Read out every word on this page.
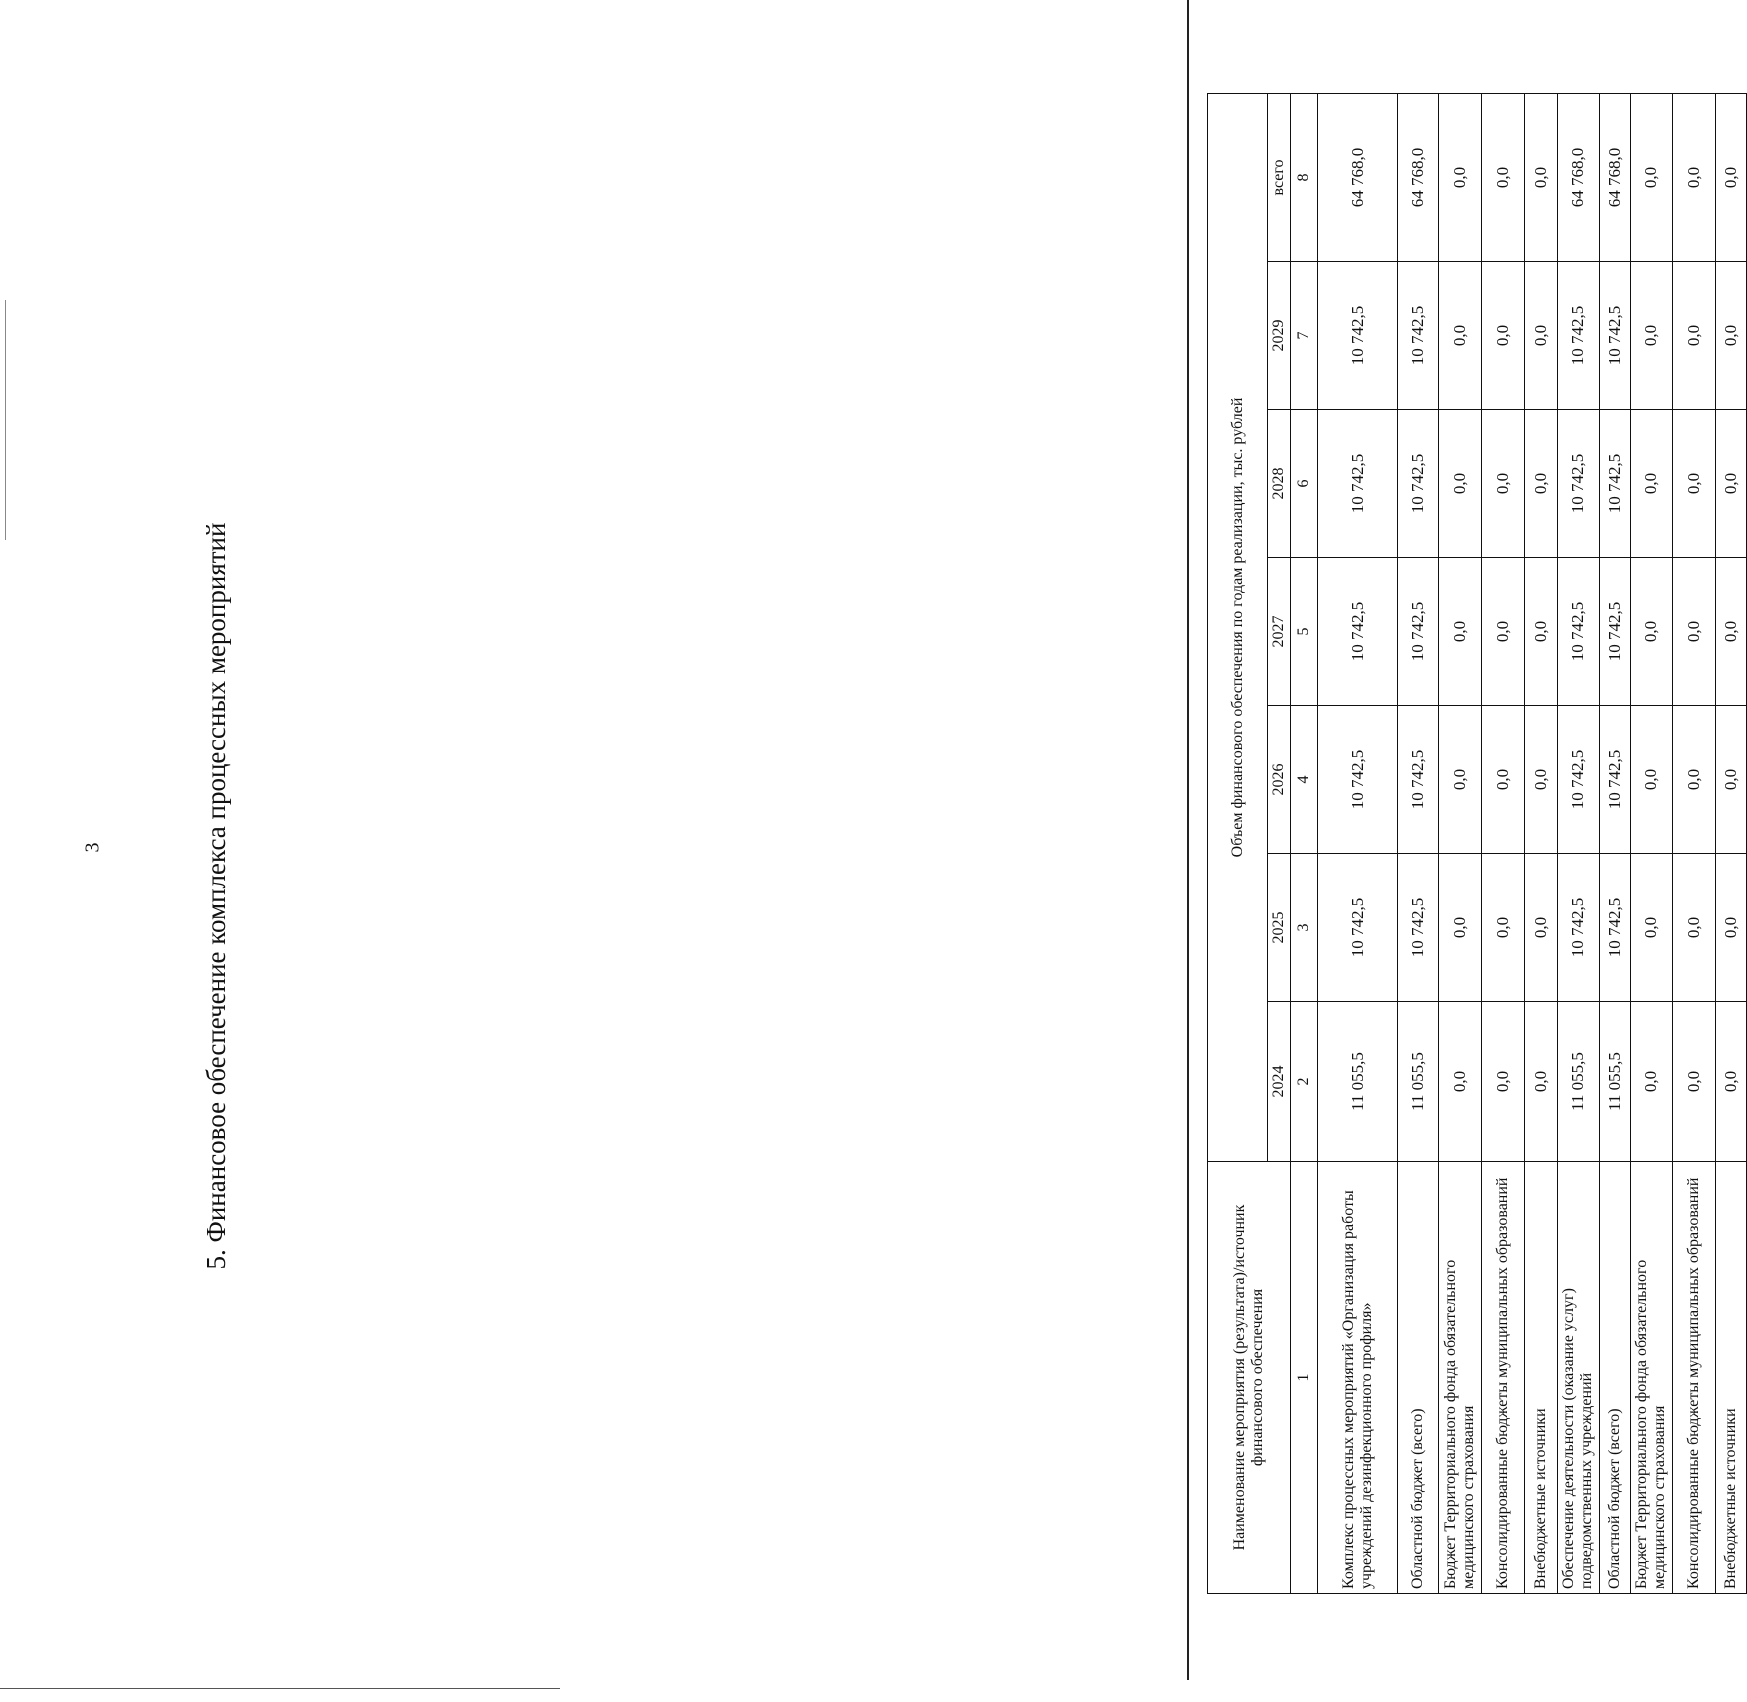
3	5. Финансовое обеспечение комплекса процессных мероприятий
Наименование мероприятия (результата)/источник финансового обеспечения	Объем финансового обеспечения по годам реализации, тыс. рублей						
	2024	2025	2026	2027	2028	2029	всего
1	2	3	4	5	6	7	8
Комплекс процессных мероприятий «Организация работы учреждений дезинфекционного профиля»	11 055,5	10 742,5	10 742,5	10 742,5	10 742,5	10 742,5	64 768,0
Областной бюджет (всего)	11 055,5	10 742,5	10 742,5	10 742,5	10 742,5	10 742,5	64 768,0
Бюджет Территориального фонда обязательного медицинского страхования	0,0	0,0	0,0	0,0	0,0	0,0	0,0
Консолидированные бюджеты муниципальных образований	0,0	0,0	0,0	0,0	0,0	0,0	0,0
Внебюджетные источники	0,0	0,0	0,0	0,0	0,0	0,0	0,0
Обеспечение деятельности (оказание услуг) подведомственных учреждений	11 055,5	10 742,5	10 742,5	10 742,5	10 742,5	10 742,5	64 768,0
Областной бюджет (всего)	11 055,5	10 742,5	10 742,5	10 742,5	10 742,5	10 742,5	64 768,0
Бюджет Территориального фонда обязательного медицинского страхования	0,0	0,0	0,0	0,0	0,0	0,0	0,0
Консолидированные бюджеты муниципальных образований	0,0	0,0	0,0	0,0	0,0	0,0	0,0
Внебюджетные источники	0,0	0,0	0,0	0,0	0,0	0,0	0,0
